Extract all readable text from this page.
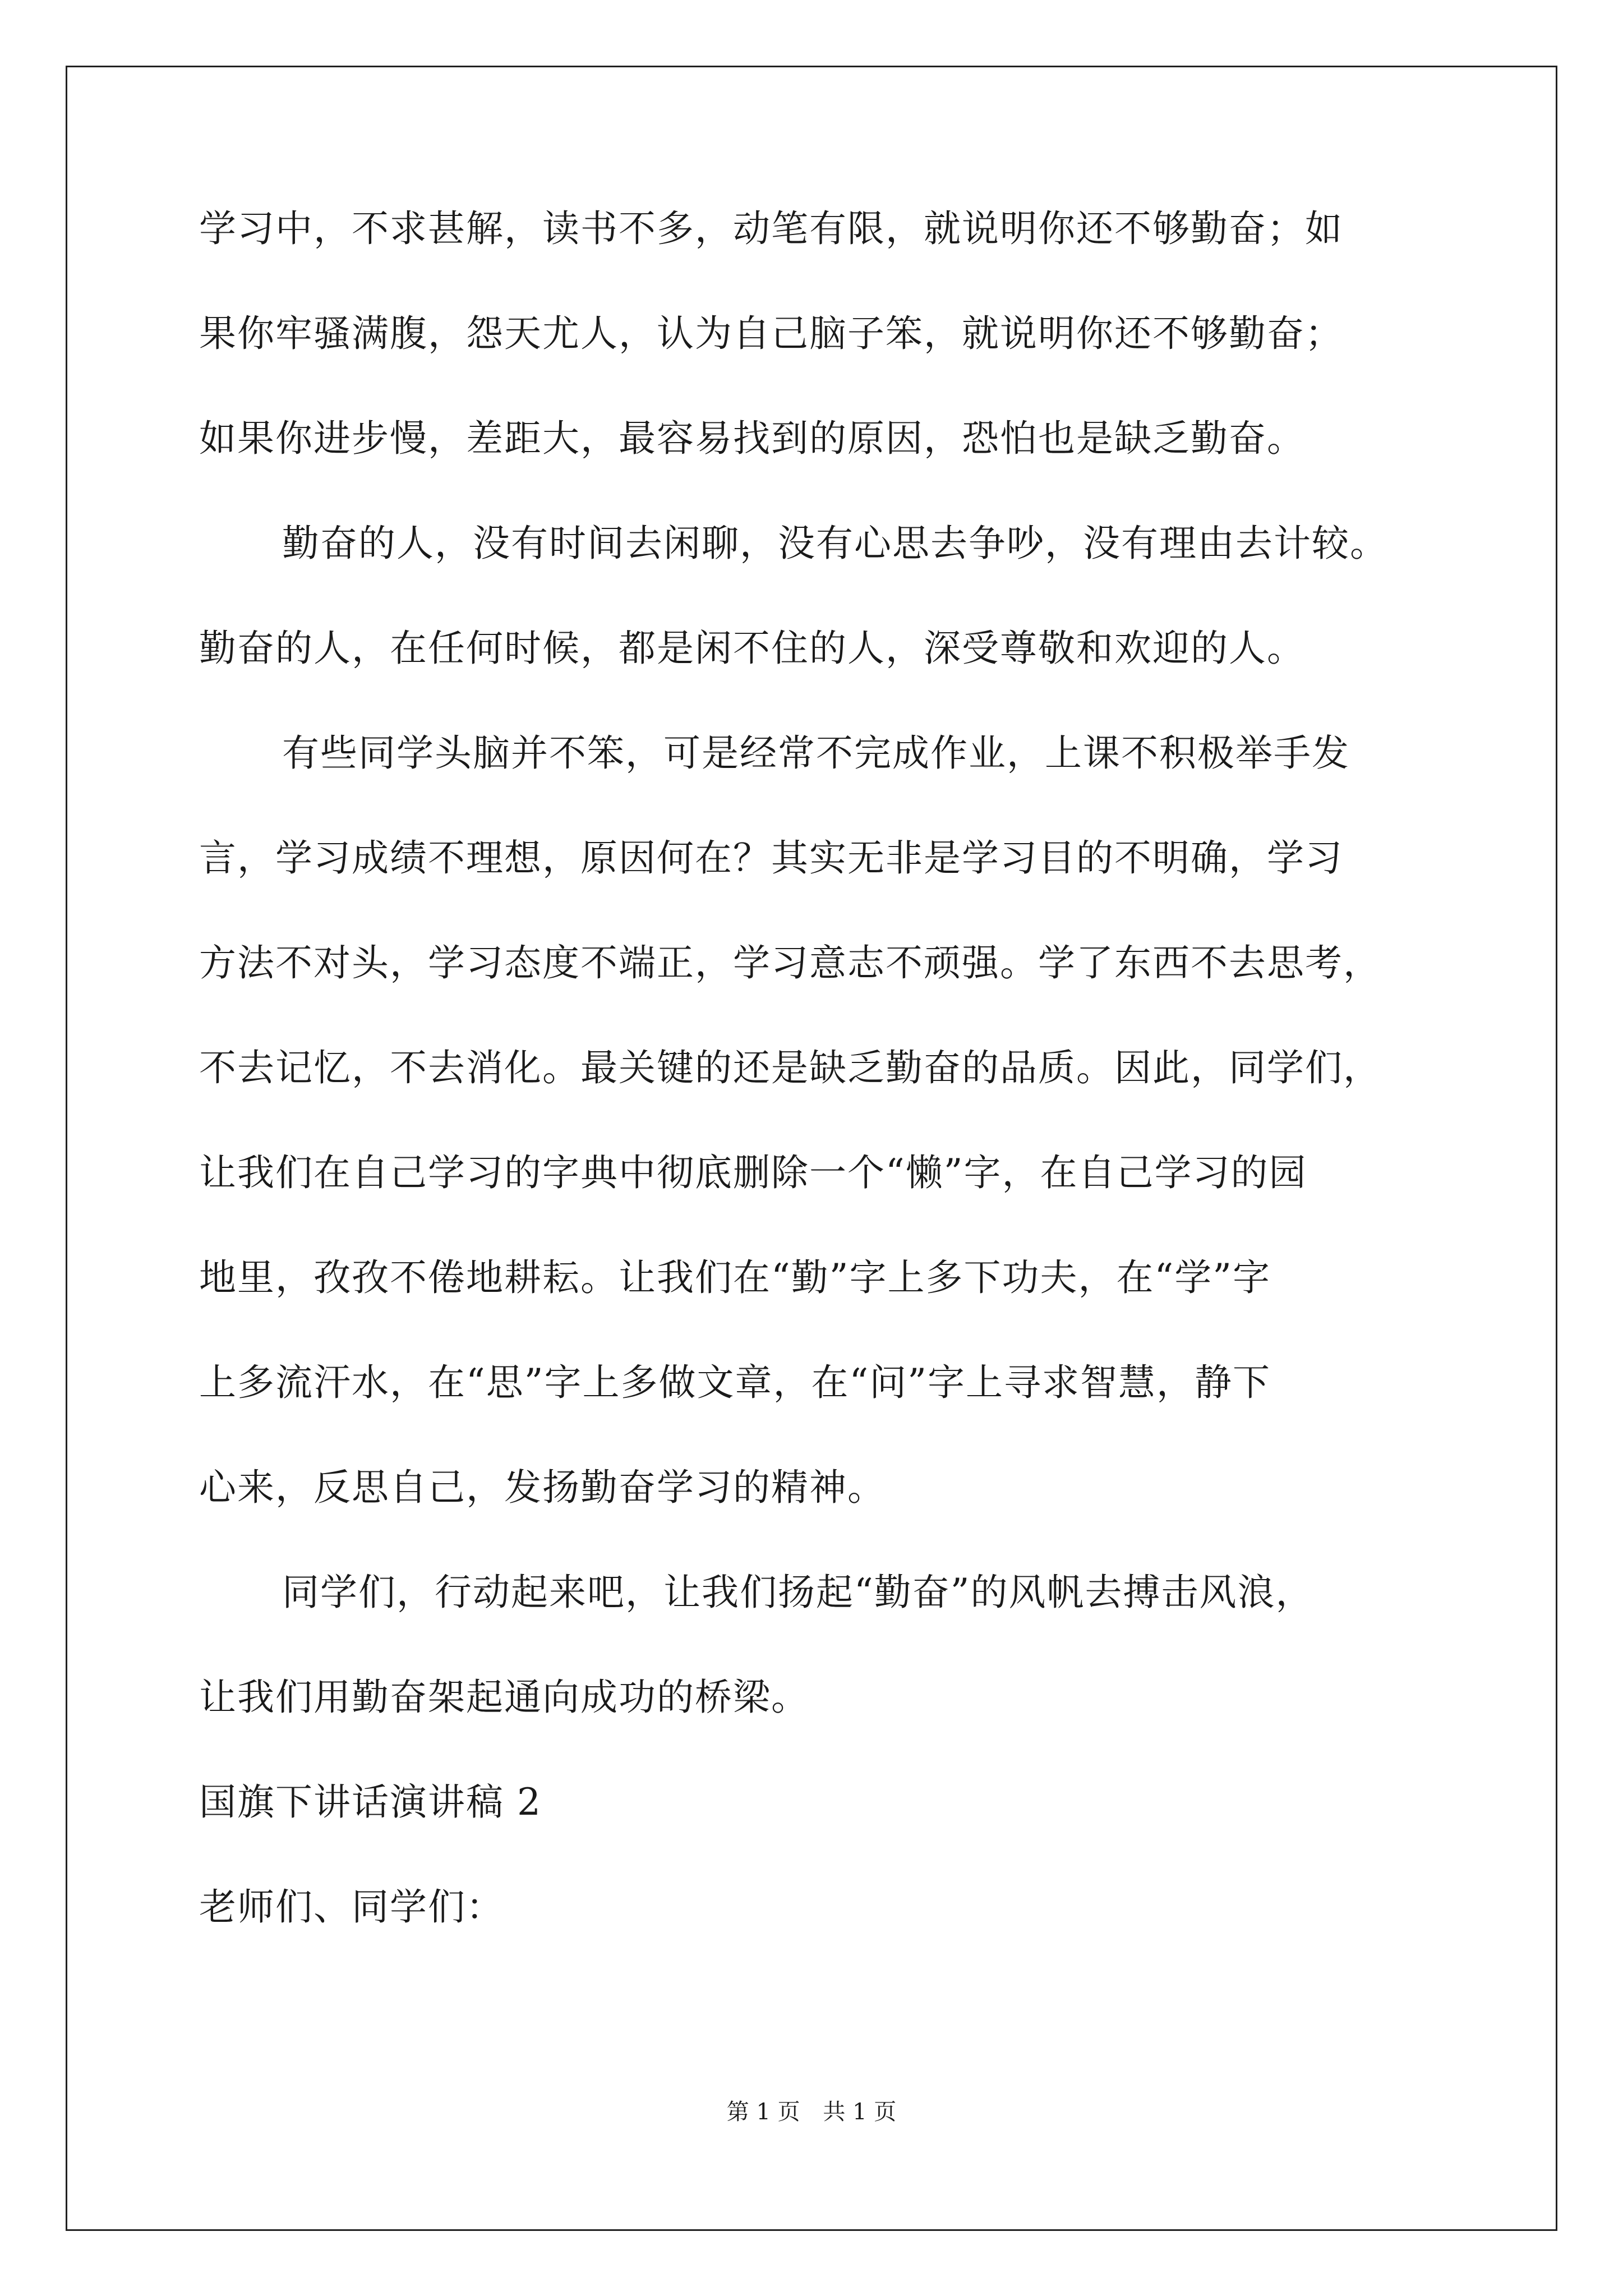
学习中，不求甚解，读书不多，动笔有限，就说明你还不够勤奋；如
果你牢骚满腹，怨天尤人，认为自己脑子笨，就说明你还不够勤奋；
如果你进步慢，差距大，最容易找到的原因，恐怕也是缺乏勤奋。
勤奋的人，没有时间去闲聊，没有心思去争吵，没有理由去计较。
勤奋的人，在任何时候，都是闲不住的人，深受尊敬和欢迎的人。
有些同学头脑并不笨，可是经常不完成作业，上课不积极举手发
言，学习成绩不理想，原因何在？其实无非是学习目的不明确，学习
方法不对头，学习态度不端正，学习意志不顽强。学了东西不去思考，
不去记忆，不去消化。最关键的还是缺乏勤奋的品质。因此，同学们，
让我们在自己学习的字典中彻底删除一个“懒”字，在自己学习的园
地里，孜孜不倦地耕耘。让我们在“勤”字上多下功夫，在“学”字
上多流汗水，在“思”字上多做文章，在“问”字上寻求智慧，静下
心来，反思自己，发扬勤奋学习的精神。
同学们，行动起来吧，让我们扬起“勤奋”的风帆去搏击风浪，
让我们用勤奋架起通向成功的桥梁。
国旗下讲话演讲稿 2
老师们、同学们：
第 1 页 共 1 页
